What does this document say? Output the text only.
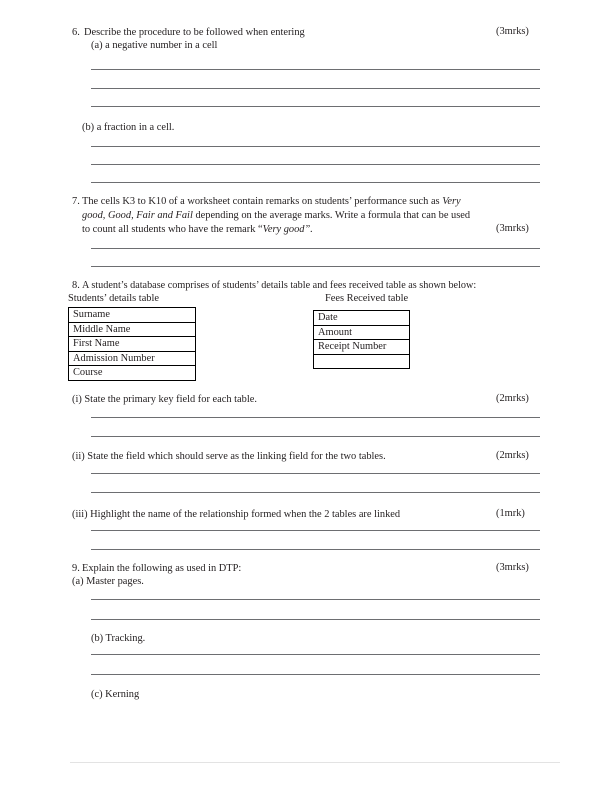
6. Describe the procedure to be followed when entering	(3mrks)
(a) a negative number in a cell
(b) a fraction in a cell.
7. The cells K3 to K10 of a worksheet contain remarks on students’ performance such as Very
good, Good, Fair and Fail depending on the average marks. Write a formula that can be used
to count all students who have the remark “Very good”.	(3mrks)
8. A student’s database comprises of students’ details table and fees received table as shown below:
Students’ details table	Fees Received table
Surname
Middle Name
First Name
Admission Number
Course
Date
Amount
Receipt Number

(i) State the primary key field for each table.	(2mrks)
(ii) State the field which should serve as the linking field for the two tables.	(2mrks)
(iii) Highlight the name of the relationship formed when the 2 tables are linked	(1mrk)
9. Explain the following as used in DTP:	(3mrks)
(a) Master pages.
(b) Tracking.
(c) Kerning
